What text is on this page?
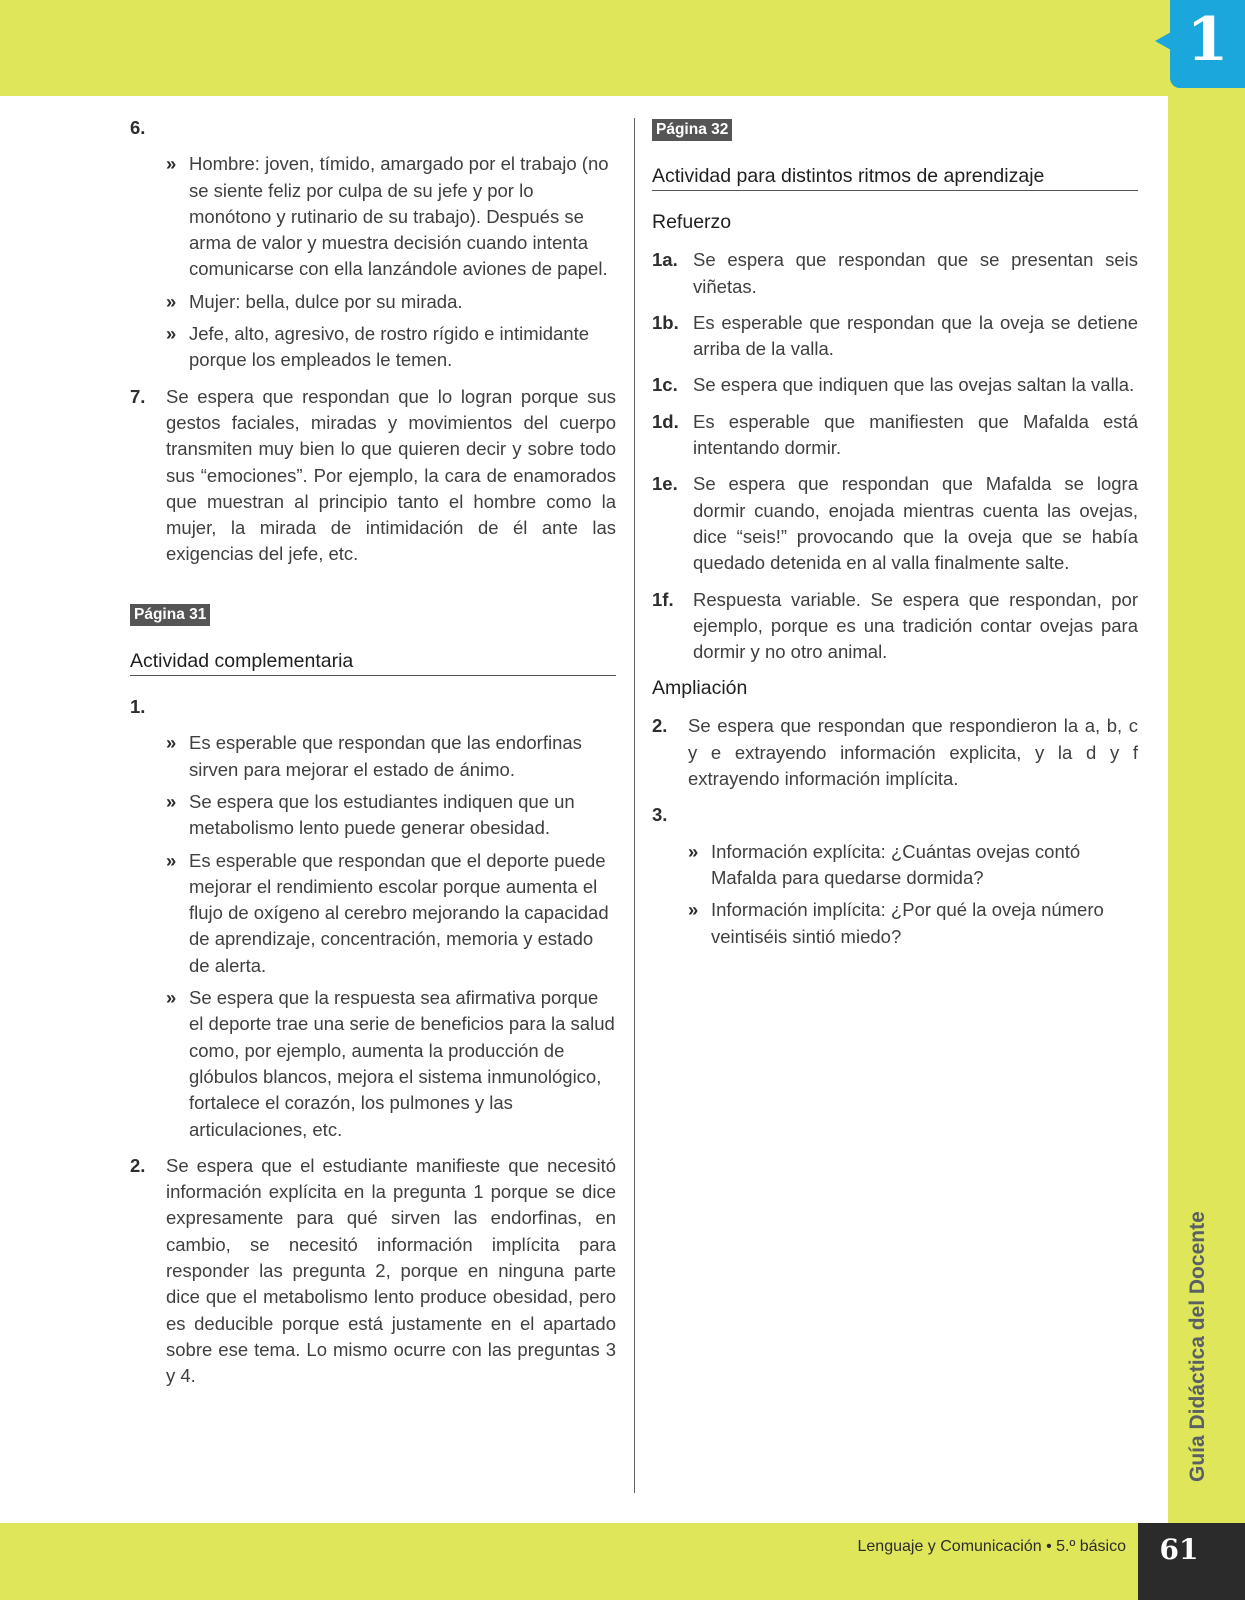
1
Guía Didáctica del Docente
Lenguaje y Comunicación • 5.º básico	61
6.
» Hombre: joven, tímido, amargado por el trabajo (no se siente feliz por culpa de su jefe y por lo monótono y rutinario de su trabajo). Después se arma de valor y muestra decisión cuando intenta comunicarse con ella lanzándole aviones de papel.
» Mujer: bella, dulce por su mirada.
» Jefe, alto, agresivo, de rostro rígido e intimidante porque los empleados le temen.
7.	Se espera que respondan que lo logran porque sus gestos faciales, miradas y movimientos del cuerpo transmiten muy bien lo que quieren decir y sobre todo sus “emociones”. Por ejemplo, la cara de enamorados que muestran al principio tanto el hombre como la mujer, la mirada de intimidación de él ante las exigencias del jefe, etc.
Página 31
Actividad complementaria
1.
» Es esperable que respondan que las endorfinas sirven para mejorar el estado de ánimo.
» Se espera que los estudiantes indiquen que un metabolismo lento puede generar obesidad.
» Es esperable que respondan que el deporte puede mejorar el rendimiento escolar porque aumenta el flujo de oxígeno al cerebro mejorando la capacidad de aprendizaje, concentración, memoria y estado de alerta.
» Se espera que la respuesta sea afirmativa porque el deporte trae una serie de beneficios para la salud como, por ejemplo, aumenta la producción de glóbulos blancos, mejora el sistema inmunológico, fortalece el corazón, los pulmones y las articulaciones, etc.
2.	Se espera que el estudiante manifieste que necesitó información explícita en la pregunta 1 porque se dice expresamente para qué sirven las endorfinas, en cambio, se necesitó información implícita para responder las pregunta 2, porque en ninguna parte dice que el metabolismo lento produce obesidad, pero es deducible porque está justamente en el apartado sobre ese tema. Lo mismo ocurre con las preguntas 3 y 4.
Página 32
Actividad para distintos ritmos de aprendizaje
Refuerzo
1a. Se espera que respondan que se presentan seis viñetas.
1b. Es esperable que respondan que la oveja se detiene arriba de la valla.
1c. Se espera que indiquen que las ovejas saltan la valla.
1d. Es esperable que manifiesten que Mafalda está intentando dormir.
1e. Se espera que respondan que Mafalda se logra dormir cuando, enojada mientras cuenta las ovejas, dice “seis!” provocando que la oveja que se había quedado detenida en al valla finalmente salte.
1f.	Respuesta variable. Se espera que respondan, por ejemplo, porque es una tradición contar ovejas para dormir y no otro animal.
Ampliación
2.	Se espera que respondan que respondieron la a, b, c y e extrayendo información explicita, y la d y f extrayendo información implícita.
3.
» Información explícita: ¿Cuántas ovejas contó Mafalda para quedarse dormida?
» Información implícita: ¿Por qué la oveja número veintiséis sintió miedo?
